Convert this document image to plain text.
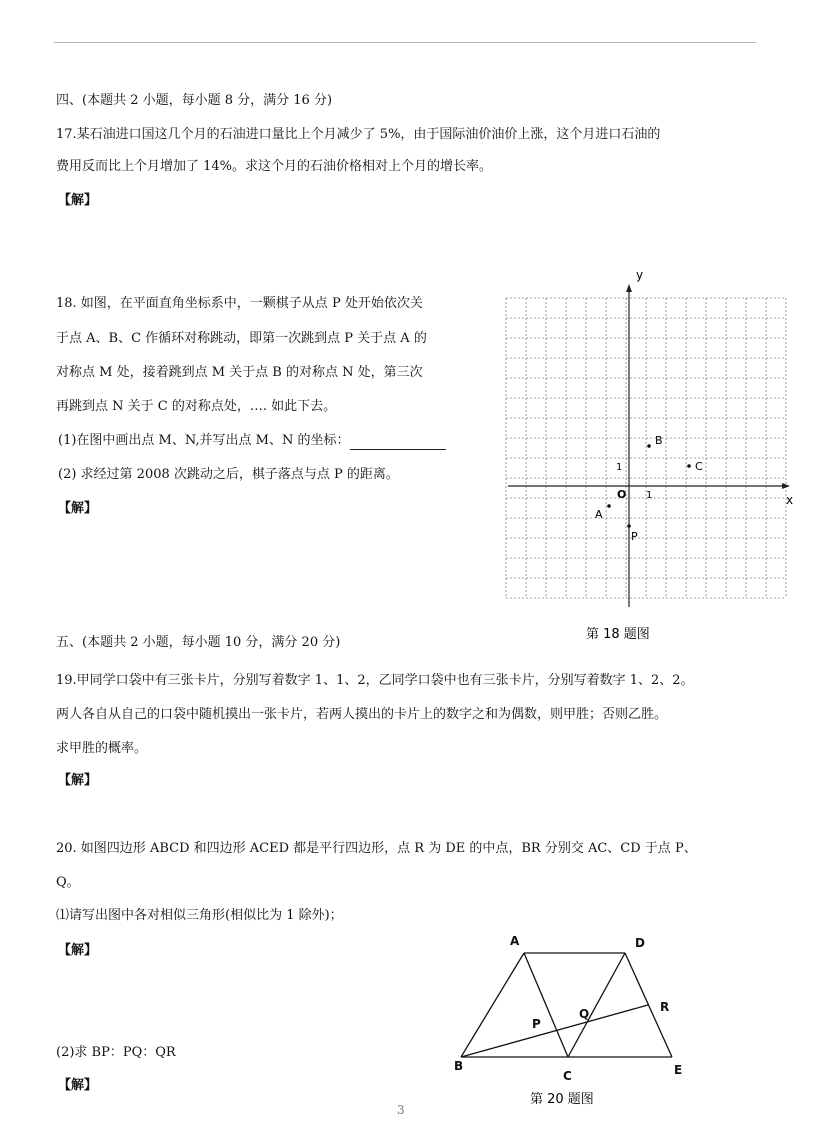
四、(本题共 2 小题，每小题 8 分，满分 16 分)
17.某石油进口国这几个月的石油进口量比上个月减少了 5%，由于国际油价油价上涨，这个月进口石油的
费用反而比上个月增加了 14%。求这个月的石油价格相对上个月的增长率。
【解】
18. 如图，在平面直角坐标系中，一颗棋子从点 P 处开始依次关
于点 A、B、C 作循环对称跳动，即第一次跳到点 P 关于点 A 的
对称点 M 处，接着跳到点 M 关于点 B 的对称点 N 处，第三次
再跳到点 N 关于 C 的对称点处，…. 如此下去。
(1)在图中画出点 M、N,并写出点 M、N 的坐标：
(2) 求经过第 2008 次跳动之后，棋子落点与点 P 的距离。
【解】
x
y
O 1
1
A
B
C
P
第 18 题图
五、(本题共 2 小题，每小题 10 分，满分 20 分)
19.甲同学口袋中有三张卡片，分别写着数字 1、1、2，乙同学口袋中也有三张卡片，分别写着数字 1、2、2。
两人各自从自己的口袋中随机摸出一张卡片，若两人摸出的卡片上的数字之和为偶数，则甲胜；否则乙胜。
求甲胜的概率。
【解】
20. 如图四边形 ABCD 和四边形 ACED 都是平行四边形，点 R 为 DE 的中点，BR 分别交 AC、CD 于点 P、
Q。
⑴请写出图中各对相似三角形(相似比为 1 除外)；
【解】
(2)求 BP：PQ：QR
【解】
A	D
R
Q
P
B
C	E
第 20 题图
3
